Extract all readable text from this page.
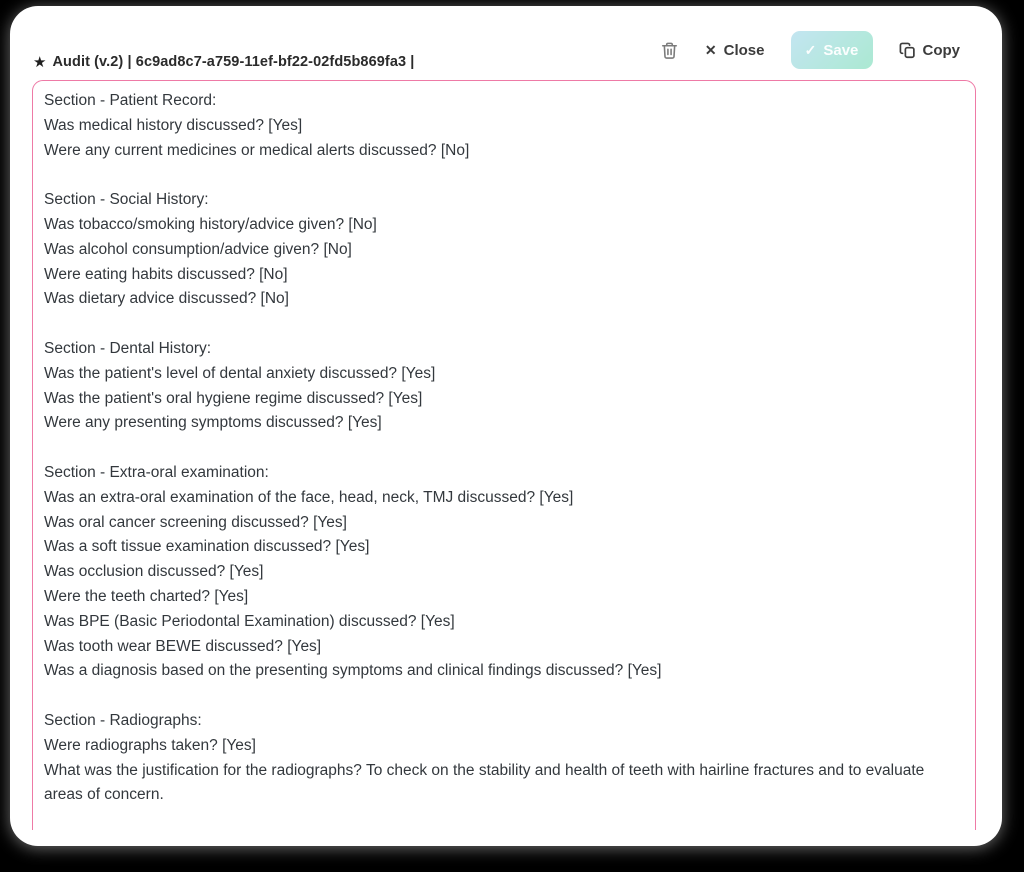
✕ Close	✓ Save	Copy
★ Audit (v.2) | 6c9ad8c7-a759-11ef-bf22-02fd5b869fa3 |
Section - Patient Record:
Was medical history discussed? [Yes]
Were any current medicines or medical alerts discussed? [No]
Section - Social History:
Was tobacco/smoking history/advice given? [No]
Was alcohol consumption/advice given? [No]
Were eating habits discussed? [No]
Was dietary advice discussed? [No]
Section - Dental History:
Was the patient's level of dental anxiety discussed? [Yes]
Was the patient's oral hygiene regime discussed? [Yes]
Were any presenting symptoms discussed? [Yes]
Section - Extra-oral examination:
Was an extra-oral examination of the face, head, neck, TMJ discussed? [Yes]
Was oral cancer screening discussed? [Yes]
Was a soft tissue examination discussed? [Yes]
Was occlusion discussed? [Yes]
Were the teeth charted? [Yes]
Was BPE (Basic Periodontal Examination) discussed? [Yes]
Was tooth wear BEWE discussed? [Yes]
Was a diagnosis based on the presenting symptoms and clinical findings discussed? [Yes]
Section - Radiographs:
Were radiographs taken? [Yes]
What was the justification for the radiographs? To check on the stability and health of teeth with hairline fractures and to evaluate areas of concern.
